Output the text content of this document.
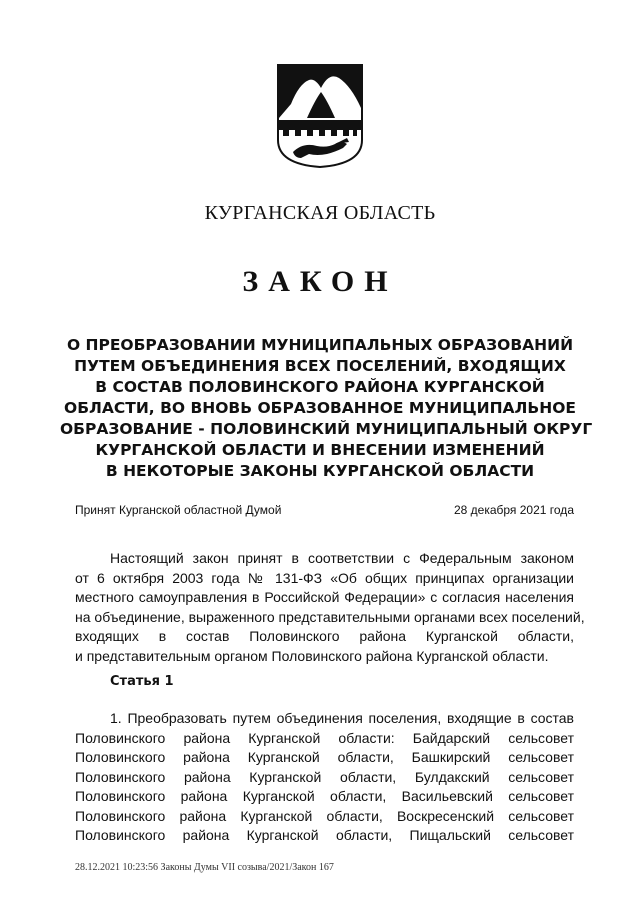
КУРГАНСКАЯ ОБЛАСТЬ
ЗАКОН
О ПРЕОБРАЗОВАНИИ МУНИЦИПАЛЬНЫХ ОБРАЗОВАНИЙ
ПУТЕМ ОБЪЕДИНЕНИЯ ВСЕХ ПОСЕЛЕНИЙ, ВХОДЯЩИХ
В СОСТАВ ПОЛОВИНСКОГО РАЙОНА КУРГАНСКОЙ
ОБЛАСТИ, ВО ВНОВЬ ОБРАЗОВАННОЕ МУНИЦИПАЛЬНОЕ
ОБРАЗОВАНИЕ - ПОЛОВИНСКИЙ МУНИЦИПАЛЬНЫЙ ОКРУГ
КУРГАНСКОЙ ОБЛАСТИ И ВНЕСЕНИИ ИЗМЕНЕНИЙ
В НЕКОТОРЫЕ ЗАКОНЫ КУРГАНСКОЙ ОБЛАСТИ
Принят Курганской областной Думой	28 декабря 2021 года
Настоящий закон принят в соответствии с Федеральным законом
от 6 октября 2003 года № 131-ФЗ «Об общих принципах организации
местного самоуправления в Российской Федерации» с согласия населения
на объединение, выраженного представительными органами всех поселений,
входящих в состав Половинского района Курганской области,
и представительным органом Половинского района Курганской области.
Статья 1
1. Преобразовать путем объединения поселения, входящие в состав
Половинского района Курганской области: Байдарский сельсовет
Половинского района Курганской области, Башкирский сельсовет
Половинского района Курганской области, Булдакский сельсовет
Половинского района Курганской области, Васильевский сельсовет
Половинского района Курганской области, Воскресенский сельсовет
Половинского района Курганской области, Пищальский сельсовет
28.12.2021 10:23:56 Законы Думы VII созыва/2021/Закон 167
